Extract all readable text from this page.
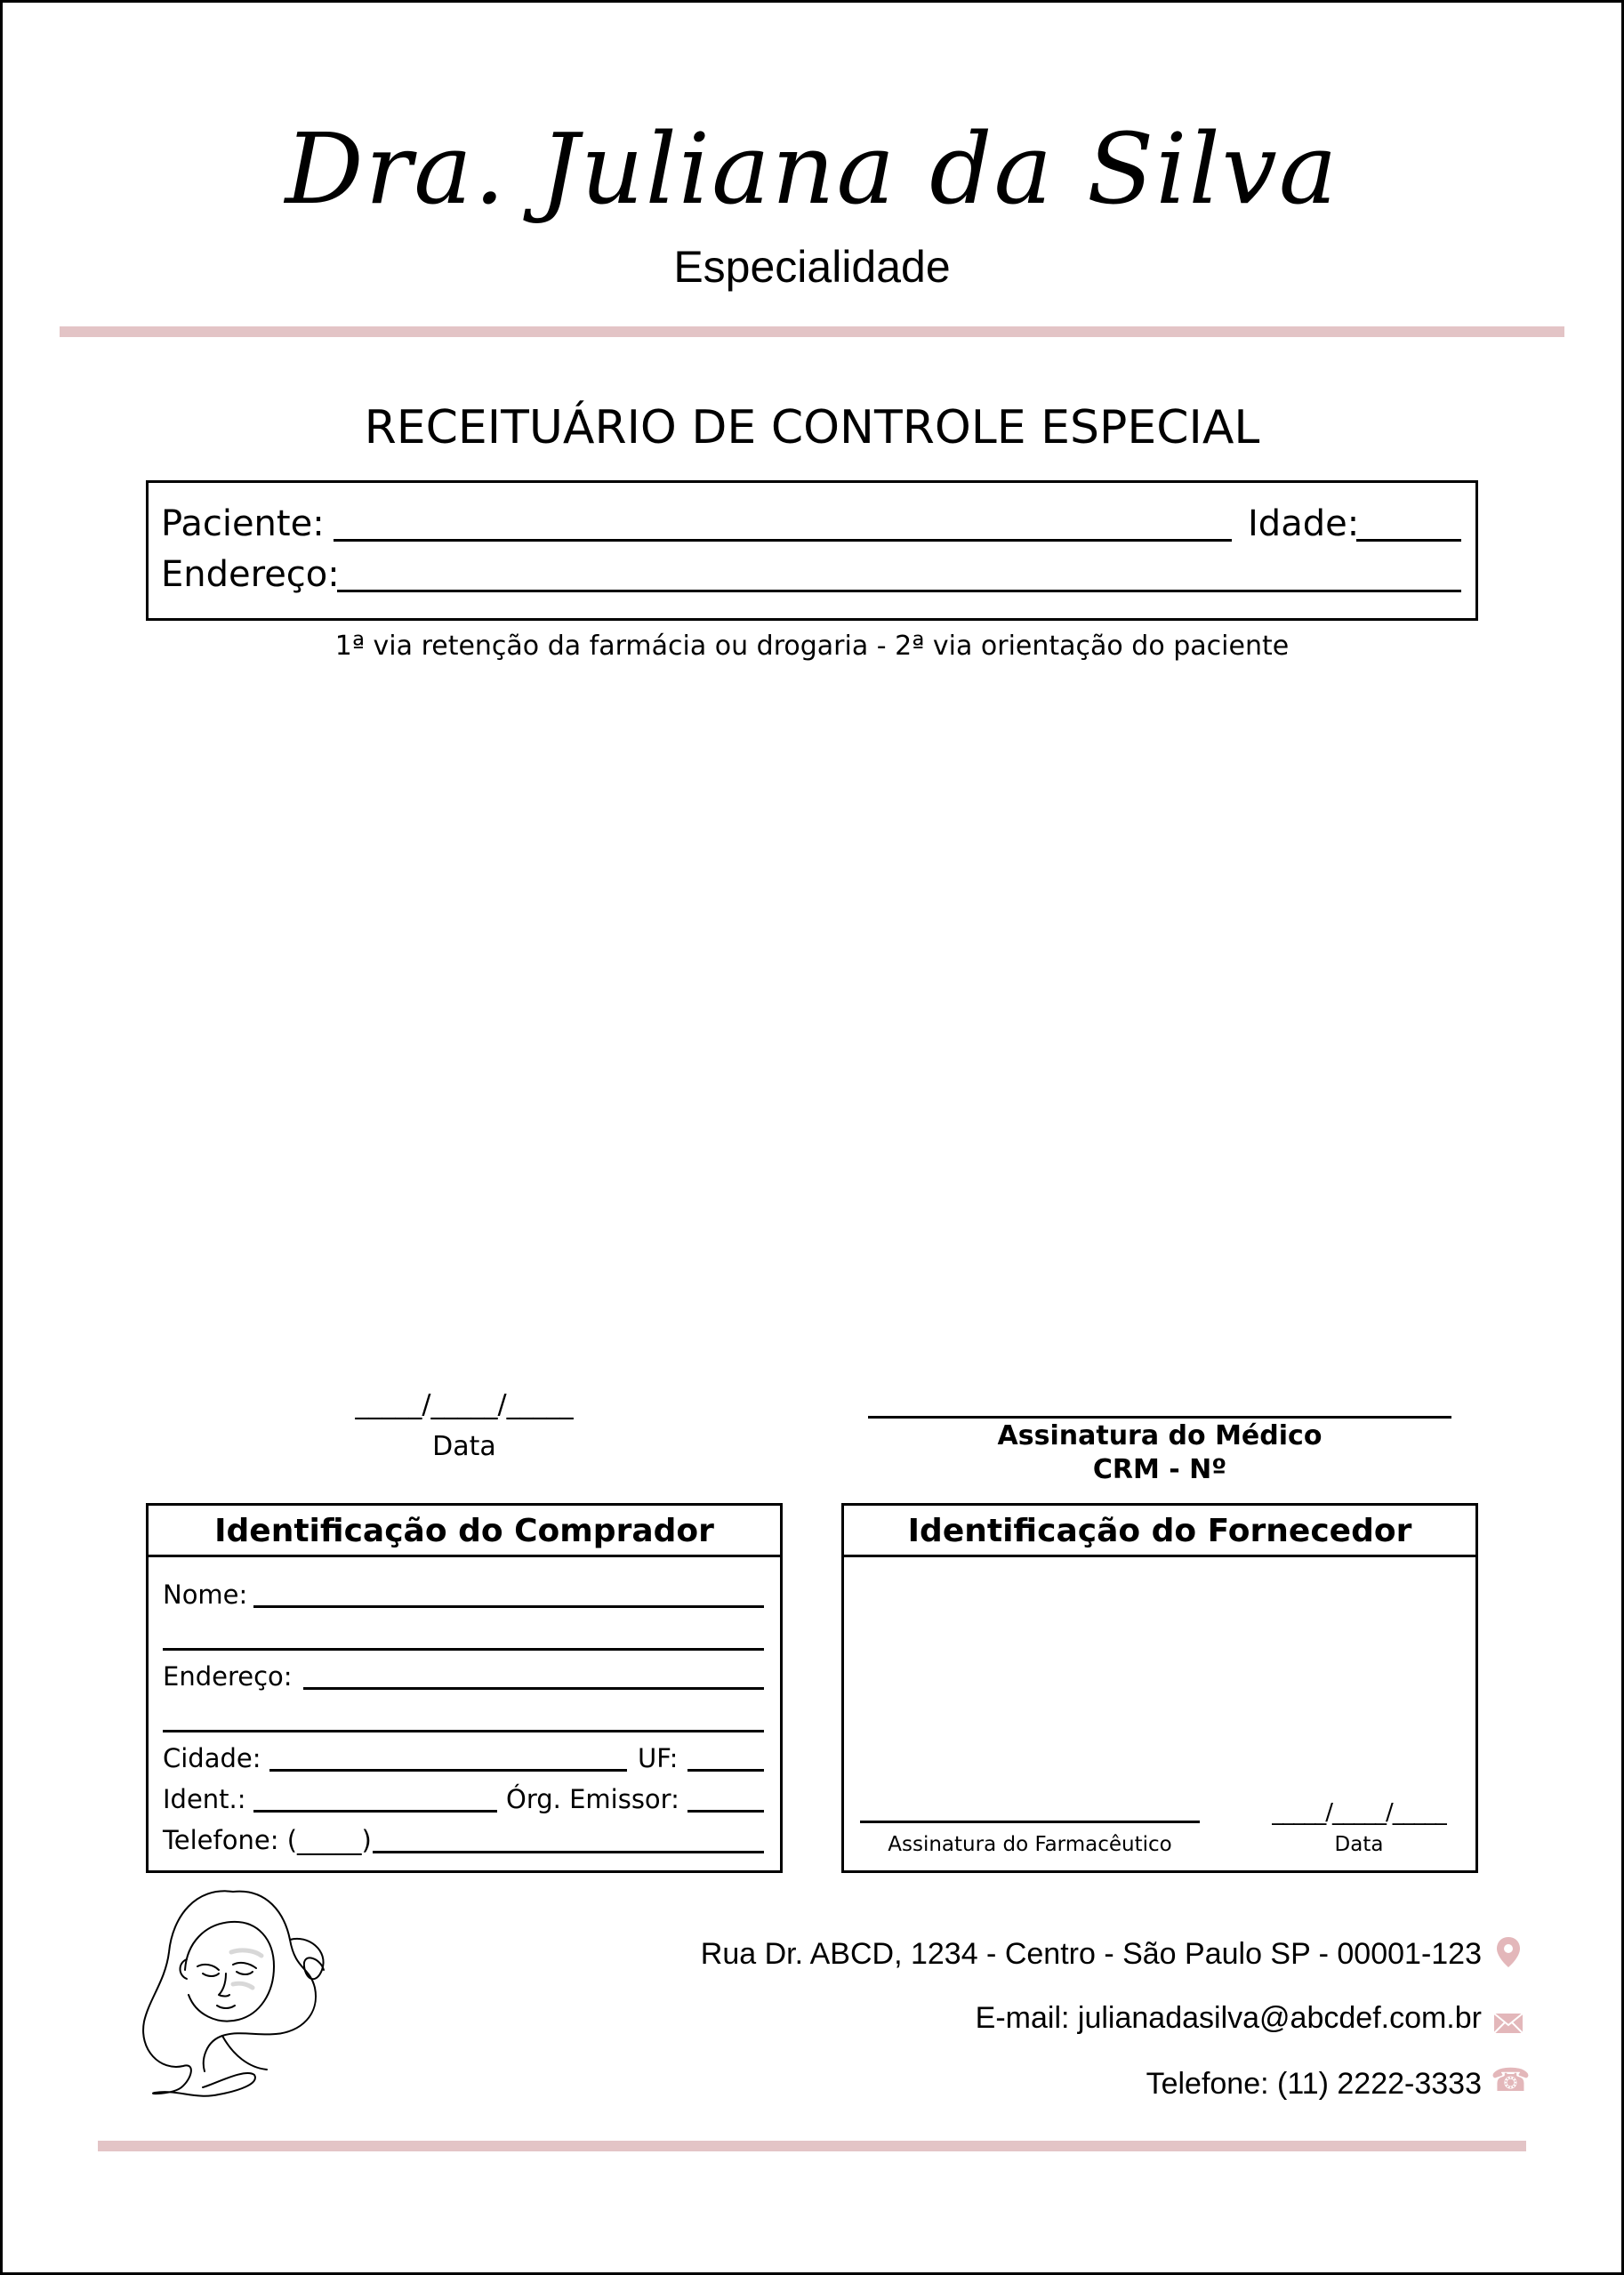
Dra. Juliana da Silva
Especialidade
RECEITUÁRIO DE CONTROLE ESPECIAL
Paciente:	Idade:
Endereço:
1ª via retenção da farmácia ou drogaria - 2ª via orientação do paciente
_____/_____/_____
Data	Assinatura do Médico
CRM - Nº
Identificação do Comprador
Nome:
Endereço:
Cidade:	UF:
Ident.:	Órg. Emissor:
Telefone: (_____)
Identificação do Fornecedor
Assinatura do Farmacêutico
_____/_____/_____
Data
Rua Dr. ABCD, 1234 - Centro - São Paulo SP - 00001-123
E-mail: julianadasilva@abcdef.com.br
Telefone: (11) 2222-3333 ☎
